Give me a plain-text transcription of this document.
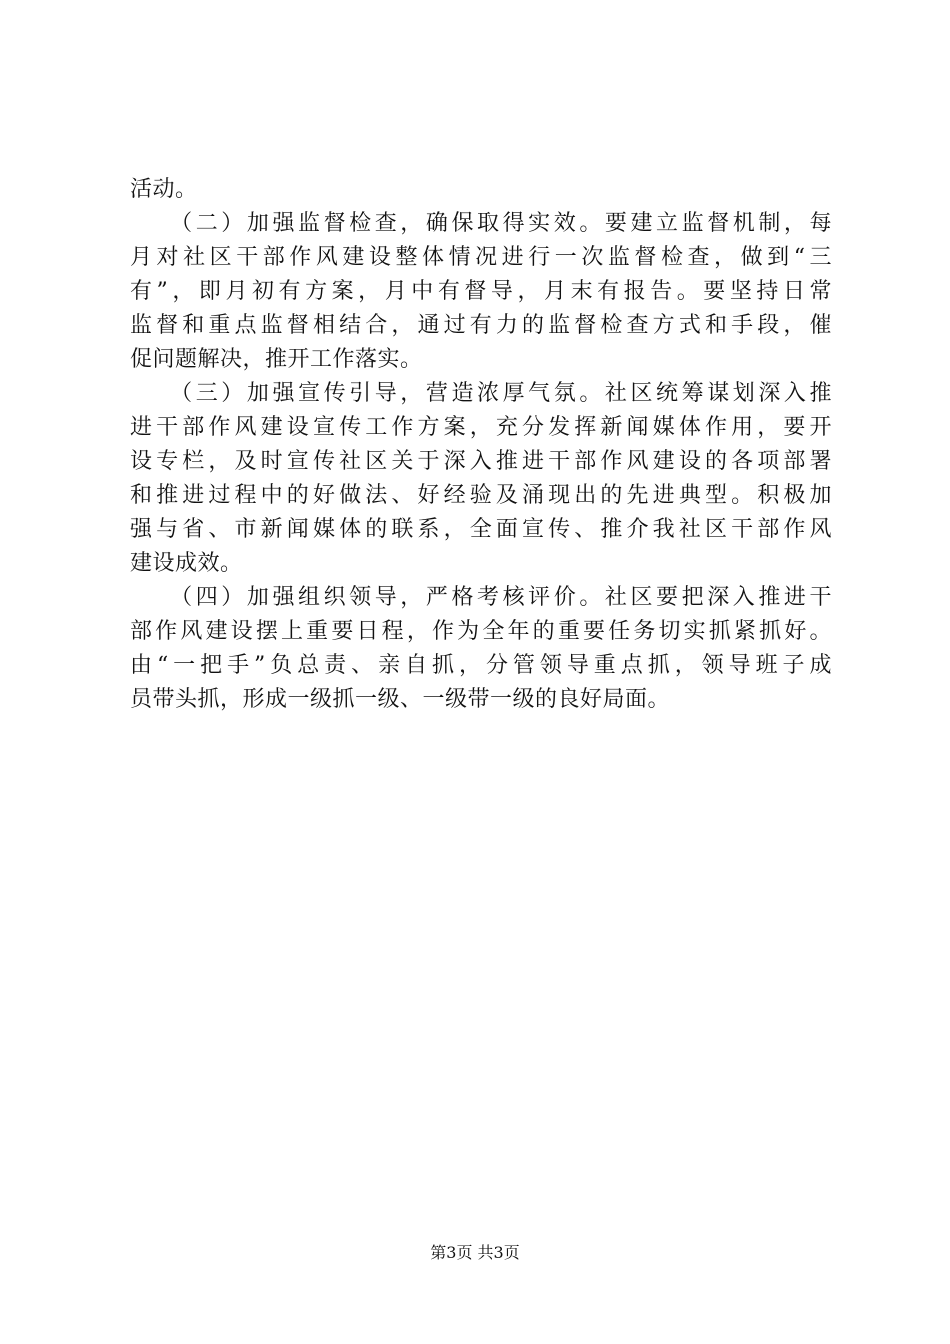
活动。
　　（二）加强监督检查，确保取得实效。要建立监督机制，每
月对社区干部作风建设整体情况进行一次监督检查，做到“三
有”，即月初有方案，月中有督导，月末有报告。要坚持日常
监督和重点监督相结合，通过有力的监督检查方式和手段，催
促问题解决，推开工作落实。
　　（三）加强宣传引导，营造浓厚气氛。社区统筹谋划深入推
进干部作风建设宣传工作方案，充分发挥新闻媒体作用，要开
设专栏，及时宣传社区关于深入推进干部作风建设的各项部署
和推进过程中的好做法、好经验及涌现出的先进典型。积极加
强与省、市新闻媒体的联系，全面宣传、推介我社区干部作风
建设成效。
　　（四）加强组织领导，严格考核评价。社区要把深入推进干
部作风建设摆上重要日程，作为全年的重要任务切实抓紧抓好。
由“一把手”负总责、亲自抓，分管领导重点抓，领导班子成
员带头抓，形成一级抓一级、一级带一级的良好局面。
第3页 共3页
